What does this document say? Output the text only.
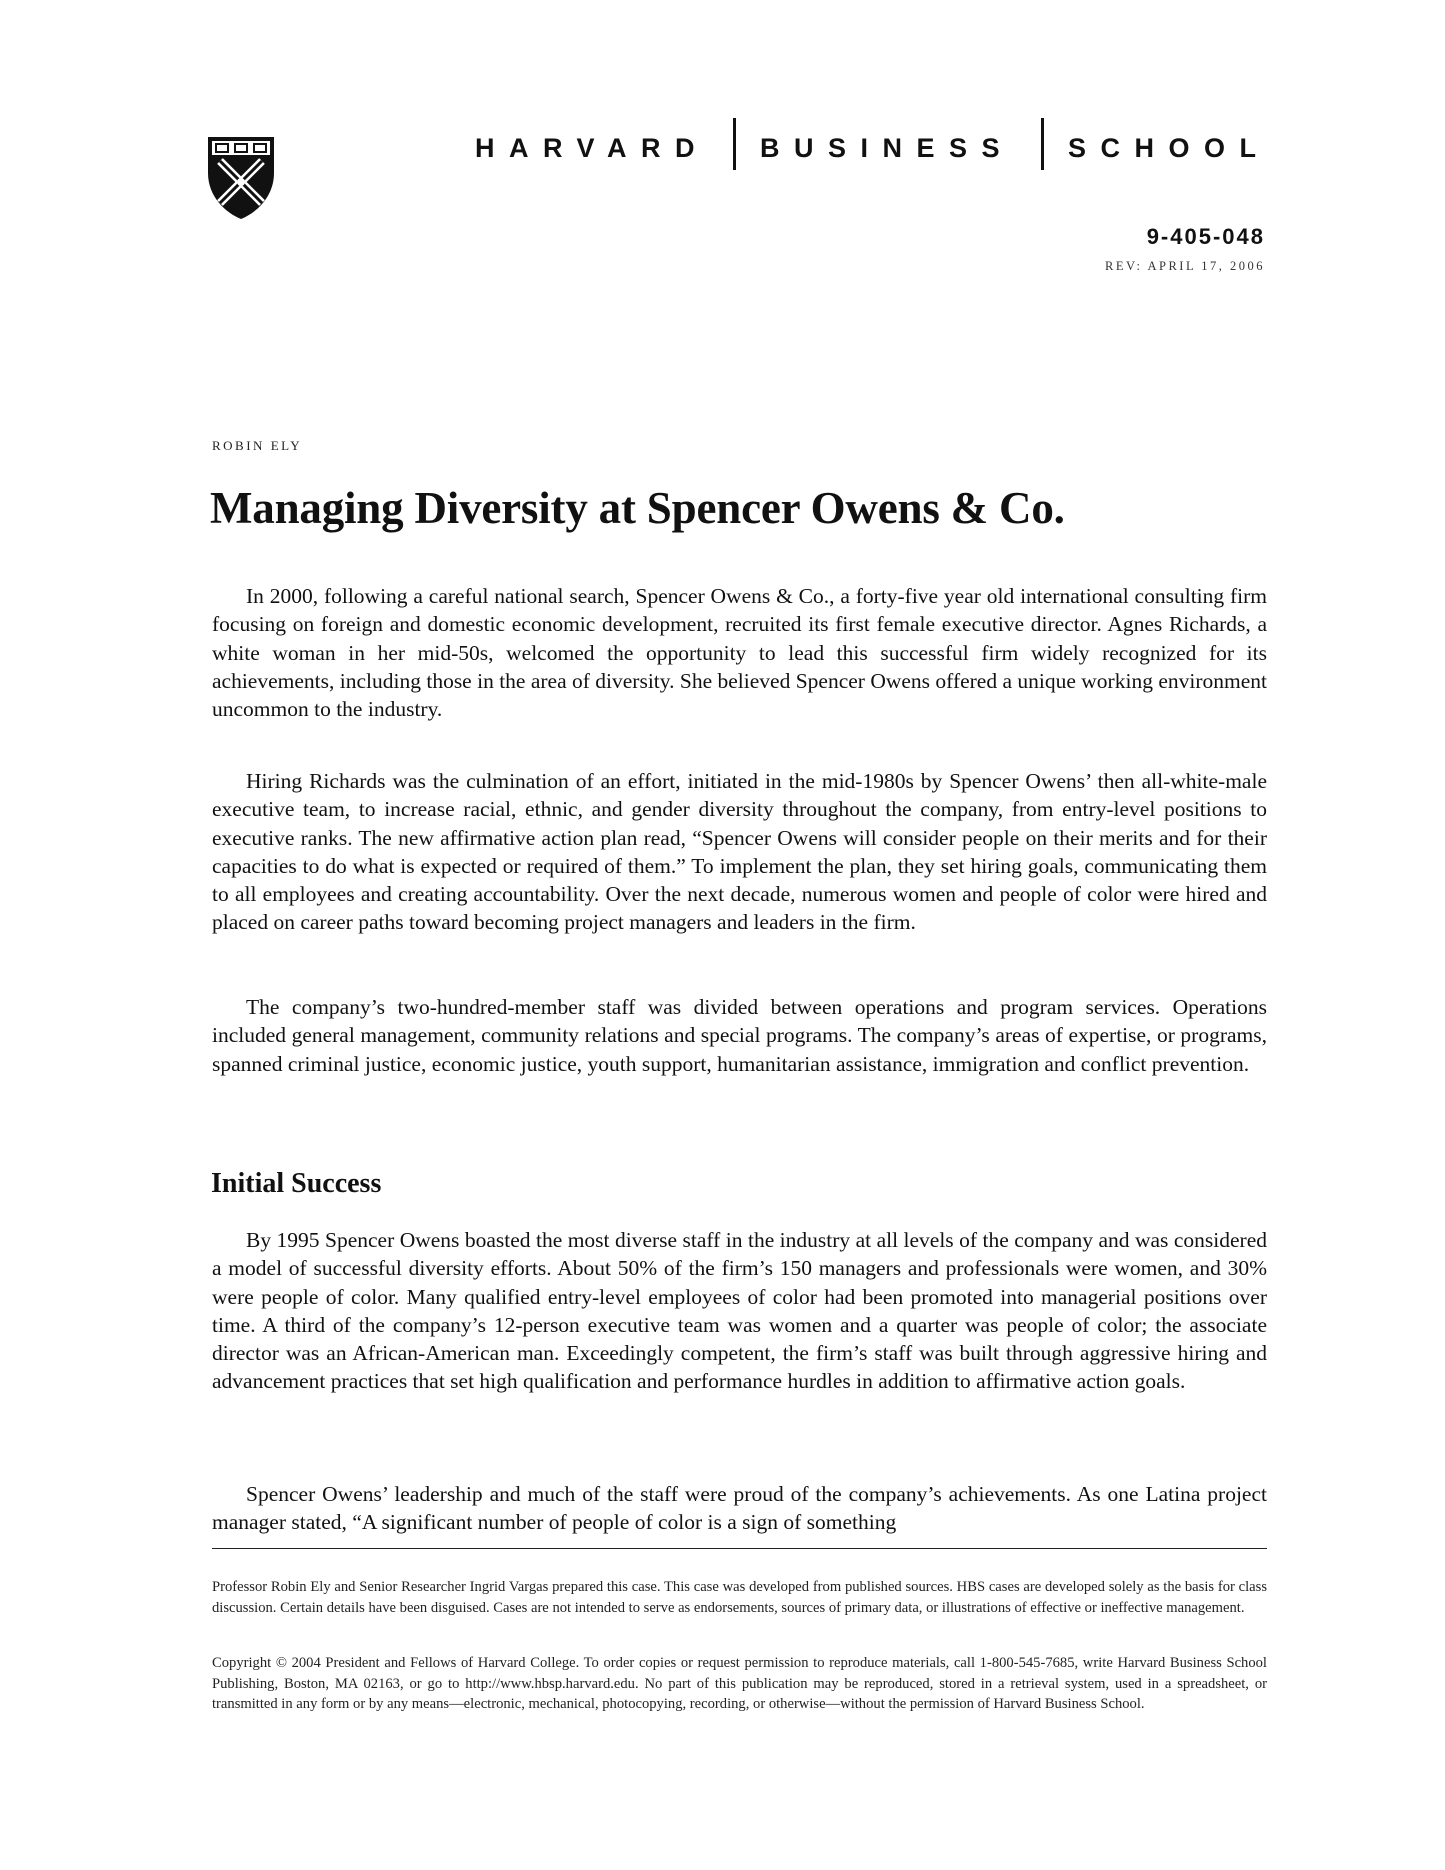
HARVARD BUSINESS SCHOOL
9-405-048
REV: APRIL 17, 2006
ROBIN ELY
Managing Diversity at Spencer Owens & Co.

In 2000, following a careful national search, Spencer Owens & Co., a forty-five year old international consulting firm focusing on foreign and domestic economic development, recruited its first female executive director. Agnes Richards, a white woman in her mid-50s, welcomed the opportunity to lead this successful firm widely recognized for its achievements, including those in the area of diversity. She believed Spencer Owens offered a unique working environment uncommon to the industry.

Hiring Richards was the culmination of an effort, initiated in the mid-1980s by Spencer Owens’ then all-white-male executive team, to increase racial, ethnic, and gender diversity throughout the company, from entry-level positions to executive ranks. The new affirmative action plan read, “Spencer Owens will consider people on their merits and for their capacities to do what is expected or required of them.” To implement the plan, they set hiring goals, communicating them to all employees and creating accountability. Over the next decade, numerous women and people of color were hired and placed on career paths toward becoming project managers and leaders in the firm.

The company’s two-hundred-member staff was divided between operations and program services. Operations included general management, community relations and special programs. The company’s areas of expertise, or programs, spanned criminal justice, economic justice, youth support, humanitarian assistance, immigration and conflict prevention.

Initial Success

By 1995 Spencer Owens boasted the most diverse staff in the industry at all levels of the company and was considered a model of successful diversity efforts. About 50% of the firm’s 150 managers and professionals were women, and 30% were people of color. Many qualified entry-level employees of color had been promoted into managerial positions over time. A third of the company’s 12-person executive team was women and a quarter was people of color; the associate director was an African-American man. Exceedingly competent, the firm’s staff was built through aggressive hiring and advancement practices that set high qualification and performance hurdles in addition to affirmative action goals.

Spencer Owens’ leadership and much of the staff were proud of the company’s achievements. As one Latina project manager stated, “A significant number of people of color is a sign of something

Professor Robin Ely and Senior Researcher Ingrid Vargas prepared this case. This case was developed from published sources. HBS cases are developed solely as the basis for class discussion. Certain details have been disguised. Cases are not intended to serve as endorsements, sources of primary data, or illustrations of effective or ineffective management.

Copyright © 2004 President and Fellows of Harvard College. To order copies or request permission to reproduce materials, call 1-800-545-7685, write Harvard Business School Publishing, Boston, MA 02163, or go to http://www.hbsp.harvard.edu. No part of this publication may be reproduced, stored in a retrieval system, used in a spreadsheet, or transmitted in any form or by any means—electronic, mechanical, photocopying, recording, or otherwise—without the permission of Harvard Business School.
